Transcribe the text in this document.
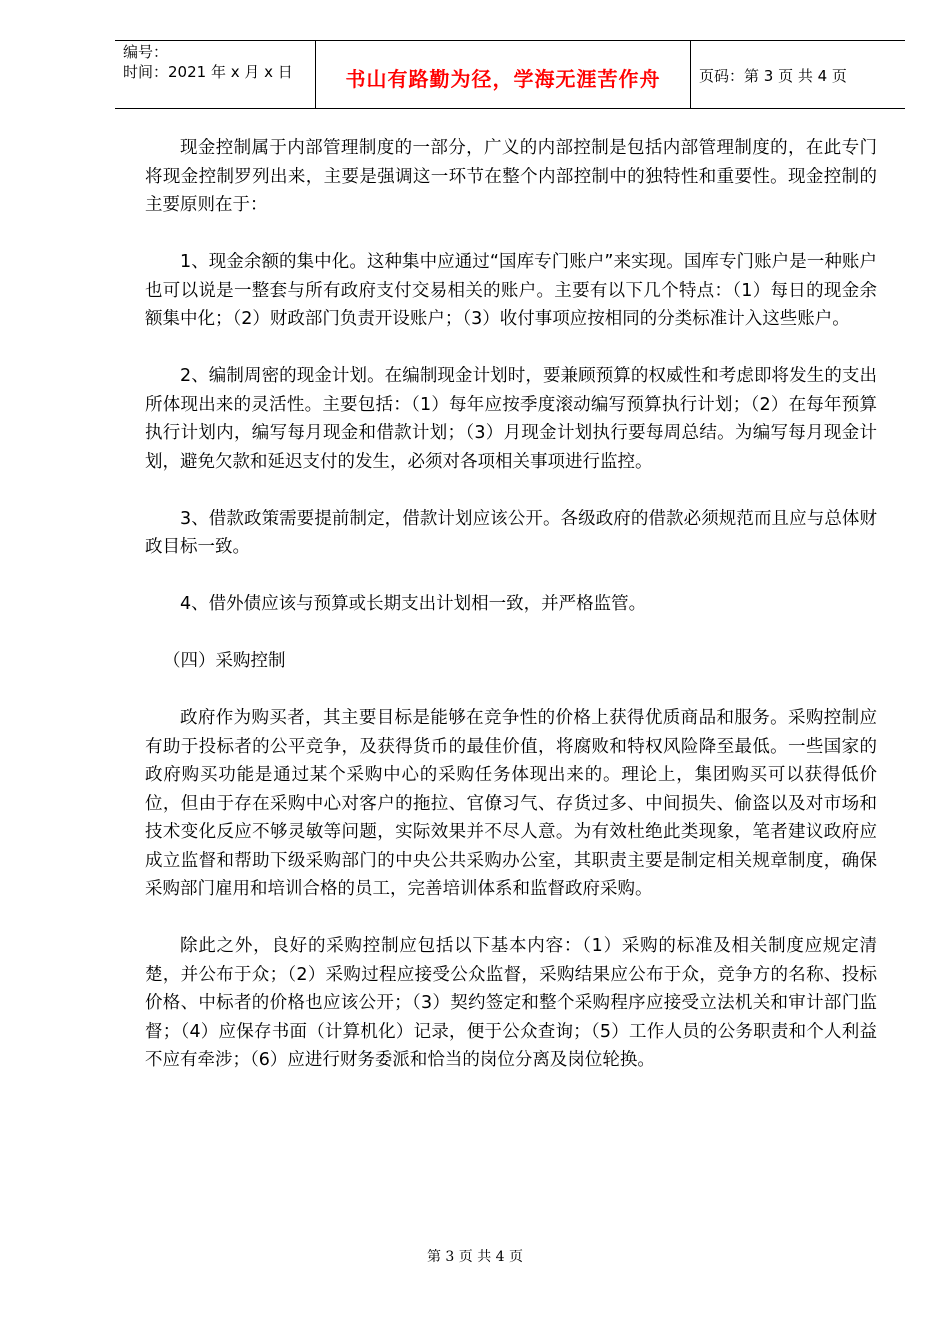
编号：
时间：2021 年 x 月 x 日	书山有路勤为径，学海无涯苦作舟	页码：第 3 页 共 4 页

现金控制属于内部管理制度的一部分，广义的内部控制是包括内部管理制度的，在此专门将现金控制罗列出来，主要是强调这一环节在整个内部控制中的独特性和重要性。现金控制的主要原则在于：

1、现金余额的集中化。这种集中应通过“国库专门账户”来实现。国库专门账户是一种账户也可以说是一整套与所有政府支付交易相关的账户。主要有以下几个特点：（1）每日的现金余额集中化；（2）财政部门负责开设账户；（3）收付事项应按相同的分类标准计入这些账户。

2、编制周密的现金计划。在编制现金计划时，要兼顾预算的权威性和考虑即将发生的支出所体现出来的灵活性。主要包括：（1）每年应按季度滚动编写预算执行计划；（2）在每年预算执行计划内，编写每月现金和借款计划；（3）月现金计划执行要每周总结。为编写每月现金计划，避免欠款和延迟支付的发生，必须对各项相关事项进行监控。

3、借款政策需要提前制定，借款计划应该公开。各级政府的借款必须规范而且应与总体财政目标一致。

4、借外债应该与预算或长期支出计划相一致，并严格监管。

（四）采购控制

政府作为购买者，其主要目标是能够在竞争性的价格上获得优质商品和服务。采购控制应有助于投标者的公平竞争，及获得货币的最佳价值，将腐败和特权风险降至最低。一些国家的政府购买功能是通过某个采购中心的采购任务体现出来的。理论上，集团购买可以获得低价位，但由于存在采购中心对客户的拖拉、官僚习气、存货过多、中间损失、偷盗以及对市场和技术变化反应不够灵敏等问题，实际效果并不尽人意。为有效杜绝此类现象，笔者建议政府应成立监督和帮助下级采购部门的中央公共采购办公室，其职责主要是制定相关规章制度，确保采购部门雇用和培训合格的员工，完善培训体系和监督政府采购。

除此之外，良好的采购控制应包括以下基本内容：（1）采购的标准及相关制度应规定清楚，并公布于众；（2）采购过程应接受公众监督，采购结果应公布于众，竞争方的名称、投标价格、中标者的价格也应该公开；（3）契约签定和整个采购程序应接受立法机关和审计部门监督；（4）应保存书面（计算机化）记录，便于公众查询；（5）工作人员的公务职责和个人利益不应有牵涉；（6）应进行财务委派和恰当的岗位分离及岗位轮换。

第 3 页 共 4 页
